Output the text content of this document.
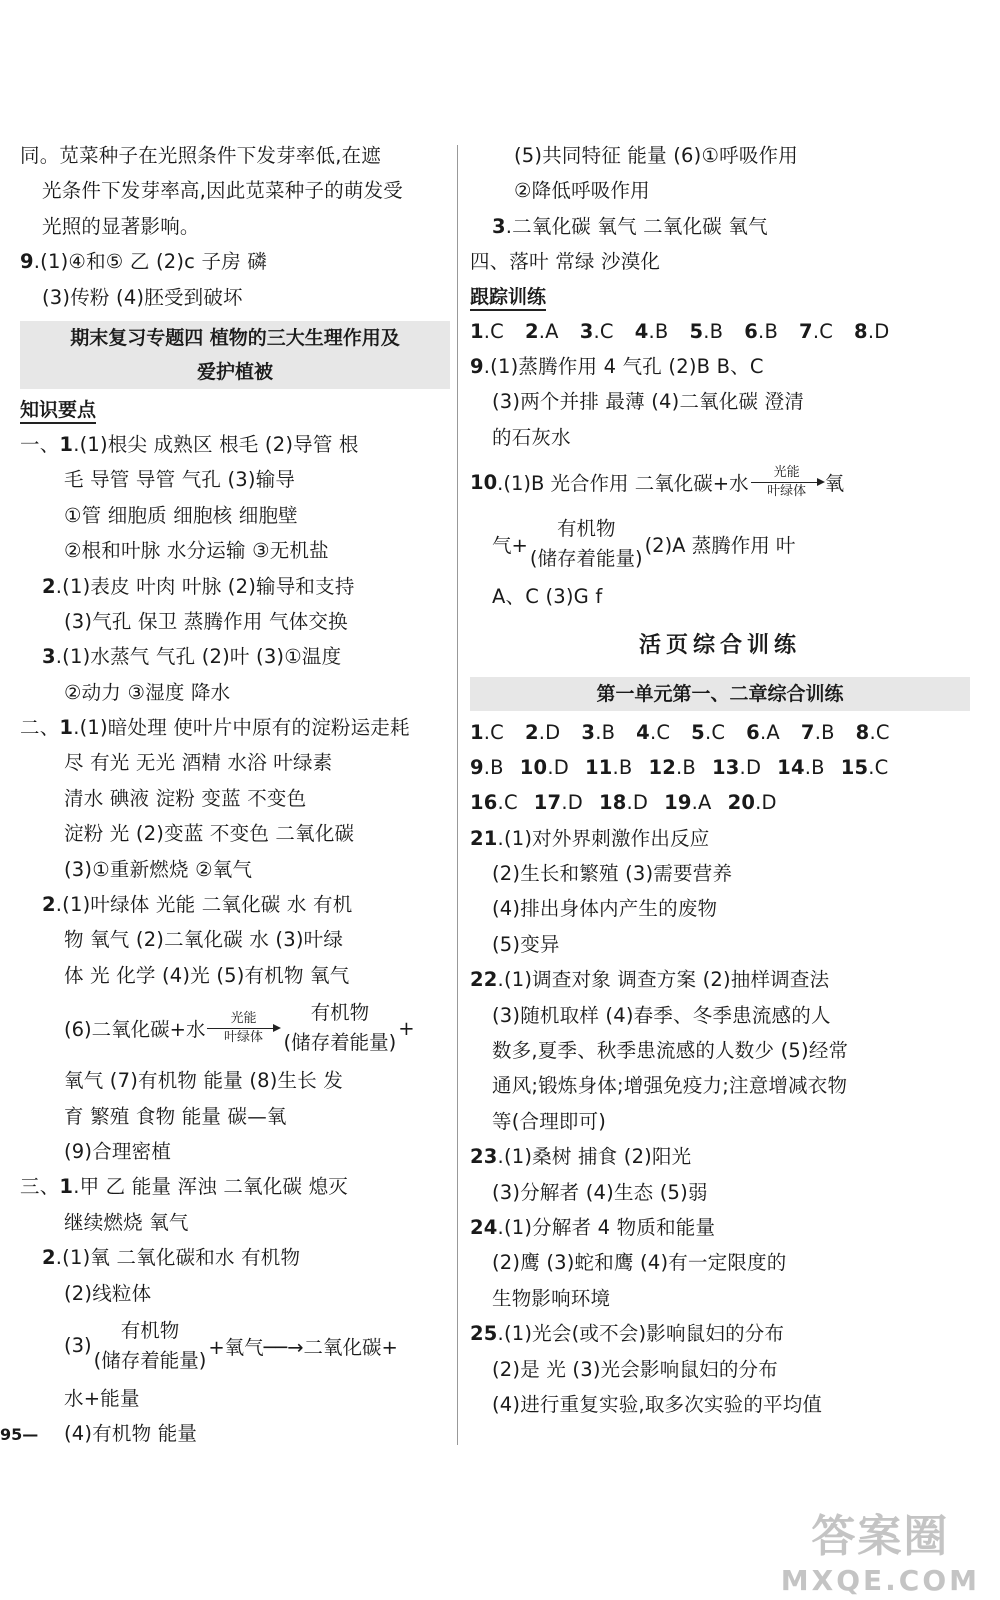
同。苋菜种子在光照条件下发芽率低,在遮
光条件下发芽率高,因此苋菜种子的萌发受
光照的显著影响。
9.(1)④和⑤ 乙 (2)c 子房 磷
(3)传粉 (4)胚受到破坏
期末复习专题四 植物的三大生理作用及
爱护植被
知识要点
一、1.(1)根尖 成熟区 根毛 (2)导管 根
毛 导管 导管 气孔 (3)输导
①管 细胞质 细胞核 细胞壁
②根和叶脉 水分运输 ③无机盐
2.(1)表皮 叶肉 叶脉 (2)输导和支持
(3)气孔 保卫 蒸腾作用 气体交换
3.(1)水蒸气 气孔 (2)叶 (3)①温度
②动力 ③湿度 降水
二、1.(1)暗处理 使叶片中原有的淀粉运走耗
尽 有光 无光 酒精 水浴 叶绿素
清水 碘液 淀粉 变蓝 不变色
淀粉 光 (2)变蓝 不变色 二氧化碳
(3)①重新燃烧 ②氧气
2.(1)叶绿体 光能 二氧化碳 水 有机
物 氧气 (2)二氧化碳 水 (3)叶绿
体 光 化学 (4)光 (5)有机物 氧气
(6)二氧化碳+水 光能
叶绿体
有机物
(储存着能量)
+
氧气 (7)有机物 能量 (8)生长 发
育 繁殖 食物 能量 碳—氧
(9)合理密植
三、1.甲 乙 能量 浑浊 二氧化碳 熄灭
继续燃烧 氧气
2.(1)氧 二氧化碳和水 有机物
(2)线粒体
(3)
有机物
(储存着能量)
+氧气──→二氧化碳+
水+能量
(4)有机物 能量
(5)共同特征 能量 (6)①呼吸作用
②降低呼吸作用
3.二氧化碳 氧气 二氧化碳 氧气
四、落叶 常绿 沙漠化
跟踪训练
1.C 2.A 3.C 4.B 5.B 6.B 7.C 8.D
9.(1)蒸腾作用 4 气孔 (2)B B、C
(3)两个并排 最薄 (4)二氧化碳 澄清
的石灰水
10 .(1)B 光合作用 二氧化碳+水 光能
叶绿体 氧
气+
有机物
(储存着能量)
(2)A 蒸腾作用 叶
A、C (3)G f
活页综合训练
第一单元第一、二章综合训练
1.C 2.D 3.B 4.C 5.C 6.A 7.B 8.C
9.B 10.D 11.B 12.B 13.D 14.B 15.C
16.C 17.D 18.D 19.A 20.D
21.(1)对外界刺激作出反应
(2)生长和繁殖 (3)需要营养
(4)排出身体内产生的废物
(5)变异
22.(1)调查对象 调查方案 (2)抽样调查法
(3)随机取样 (4)春季、冬季患流感的人
数多,夏季、秋季患流感的人数少 (5)经常
通风;锻炼身体;增强免疫力;注意增减衣物
等(合理即可)
23.(1)桑树 捕食 (2)阳光
(3)分解者 (4)生态 (5)弱
24.(1)分解者 4 物质和能量
(2)鹰 (3)蛇和鹰 (4)有一定限度的
生物影响环境
25.(1)光会(或不会)影响鼠妇的分布
(2)是 光 (3)光会影响鼠妇的分布
(4)进行重复实验,取多次实验的平均值
95—
答案圈
MXQE.COM
